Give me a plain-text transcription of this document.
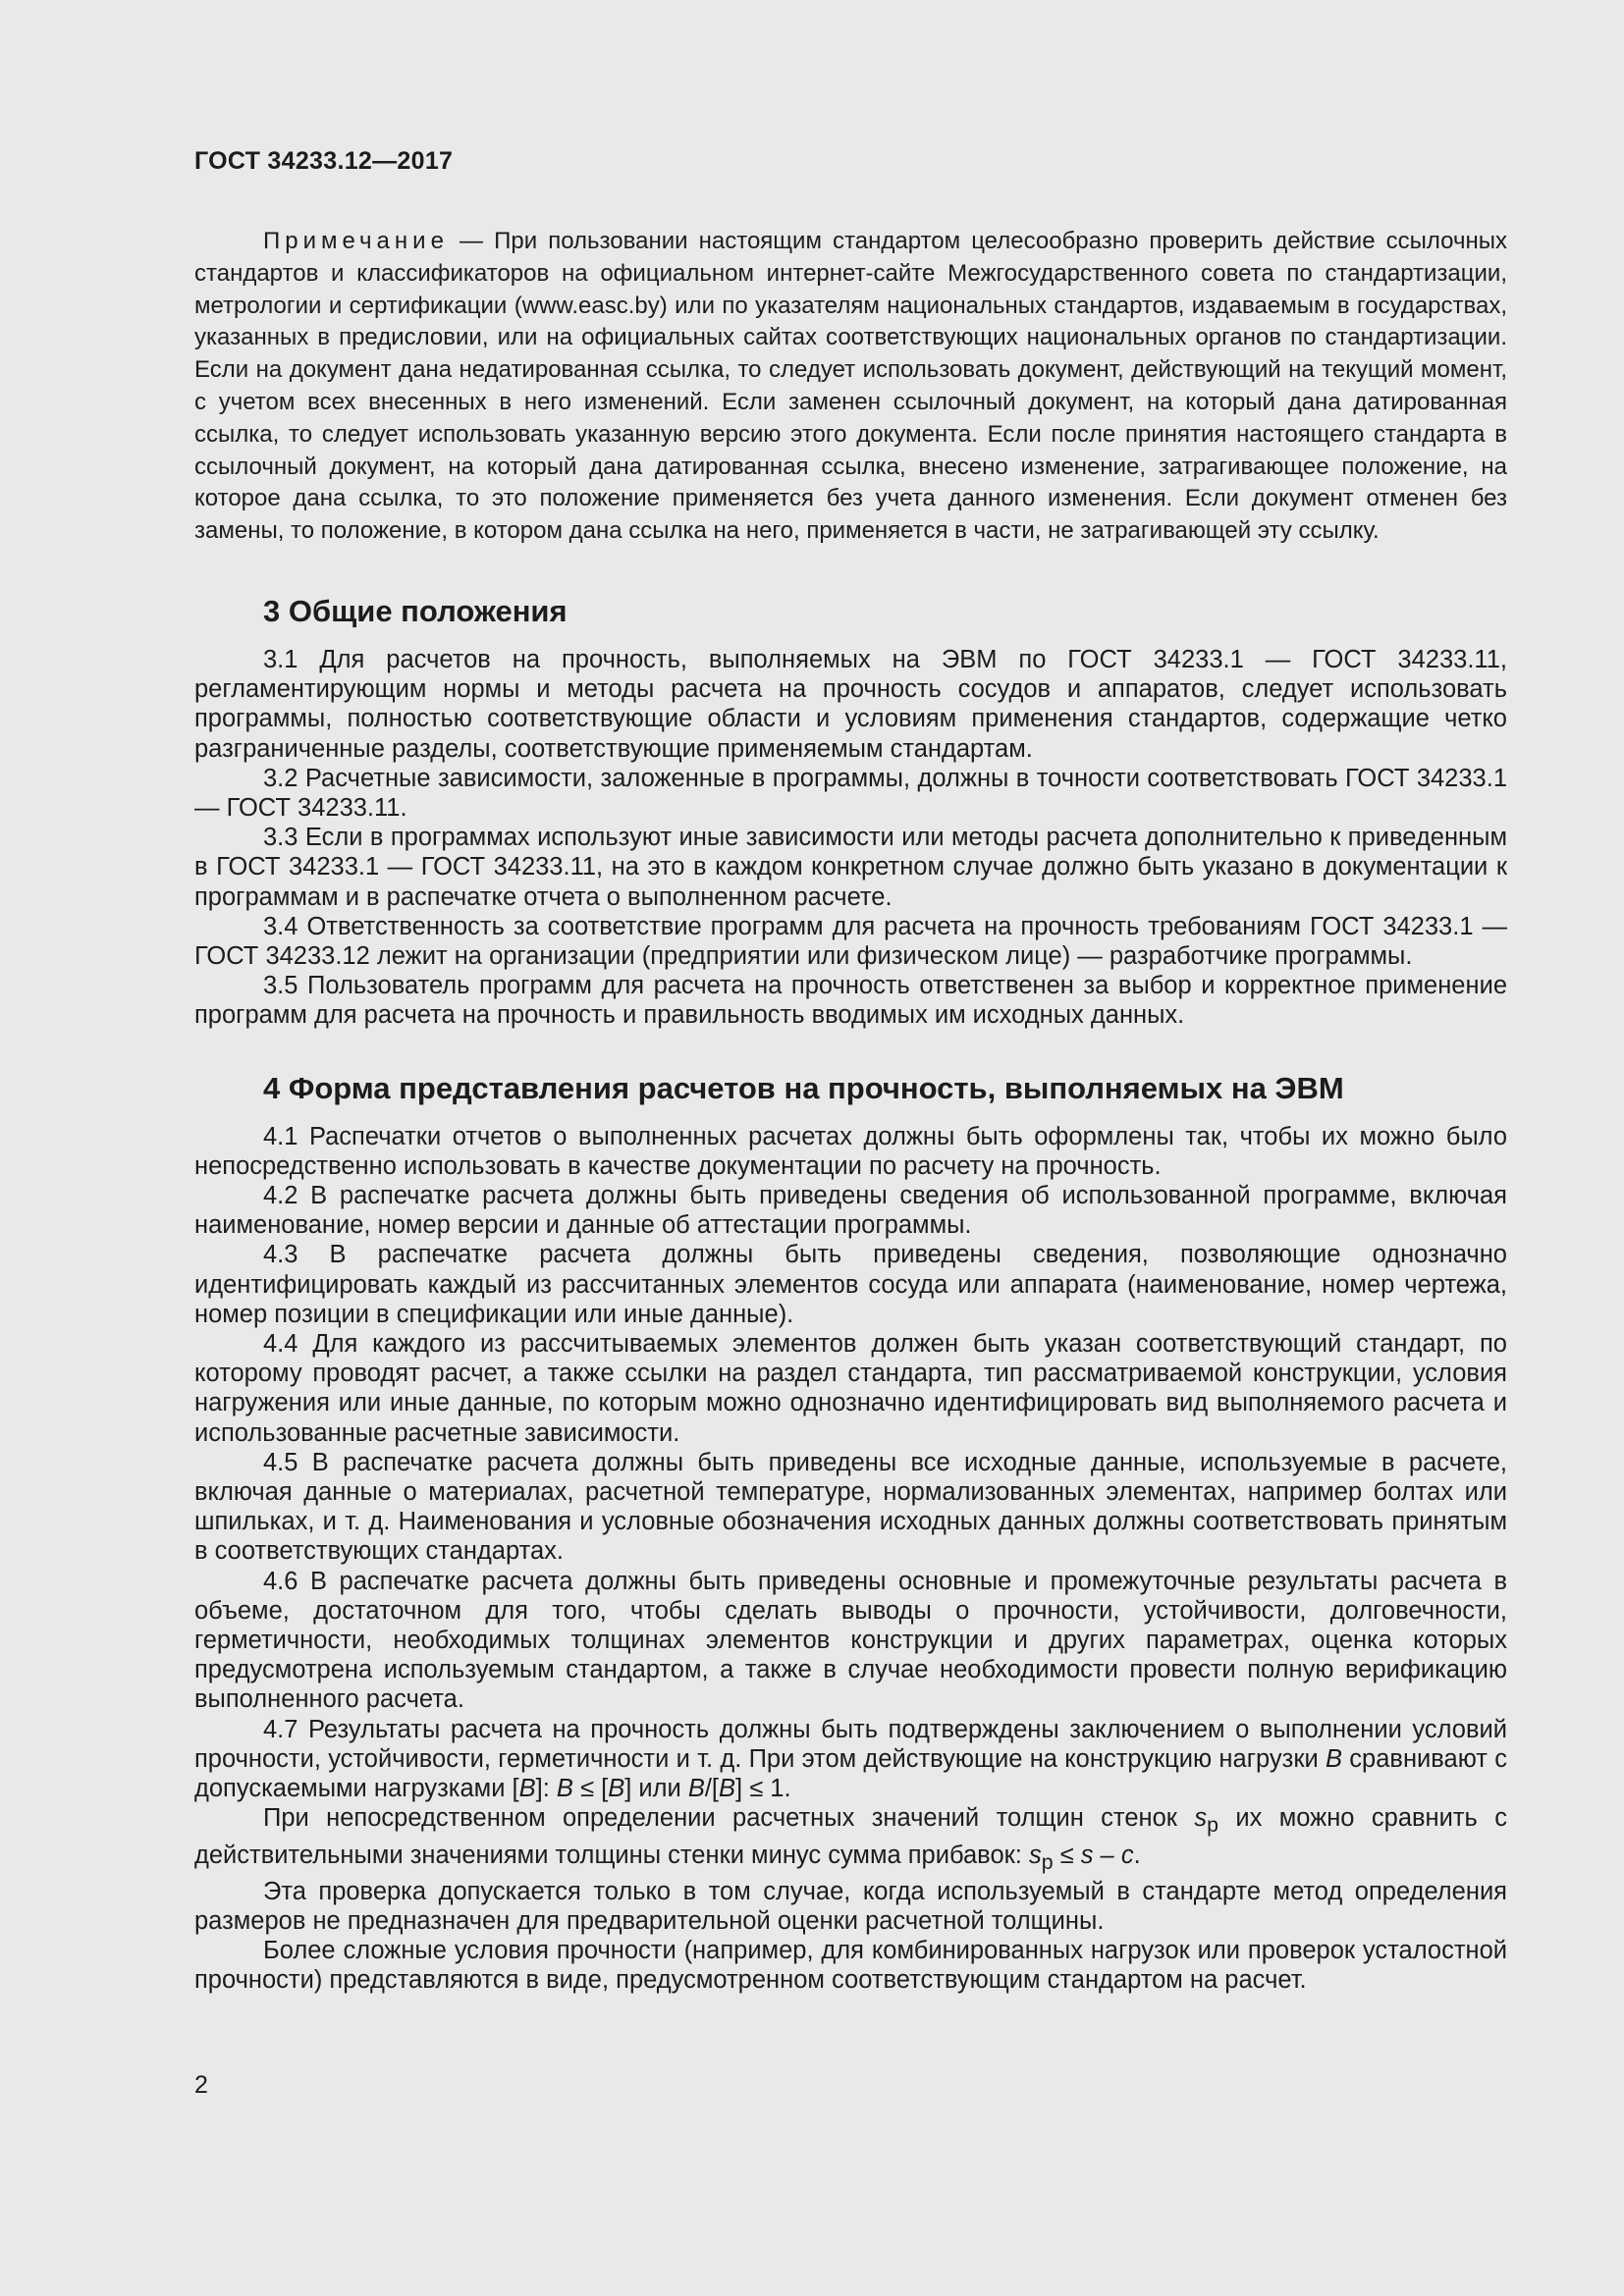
ГОСТ 34233.12—2017

Примечание — При пользовании настоящим стандартом целесообразно проверить действие ссылочных стандартов и классификаторов на официальном интернет-сайте Межгосударственного совета по стандартизации, метрологии и сертификации (www.easc.by) или по указателям национальных стандартов, издаваемым в государствах, указанных в предисловии, или на официальных сайтах соответствующих национальных органов по стандартизации. Если на документ дана недатированная ссылка, то следует использовать документ, действующий на текущий момент, с учетом всех внесенных в него изменений. Если заменен ссылочный документ, на который дана датированная ссылка, то следует использовать указанную версию этого документа. Если после принятия настоящего стандарта в ссылочный документ, на который дана датированная ссылка, внесено изменение, затрагивающее положение, на которое дана ссылка, то это положение применяется без учета данного изменения. Если документ отменен без замены, то положение, в котором дана ссылка на него, применяется в части, не затрагивающей эту ссылку.

3 Общие положения

3.1 Для расчетов на прочность, выполняемых на ЭВМ по ГОСТ 34233.1 — ГОСТ 34233.11, регламентирующим нормы и методы расчета на прочность сосудов и аппаратов, следует использовать программы, полностью соответствующие области и условиям применения стандартов, содержащие четко разграниченные разделы, соответствующие применяемым стандартам.

3.2 Расчетные зависимости, заложенные в программы, должны в точности соответствовать ГОСТ 34233.1 — ГОСТ 34233.11.

3.3 Если в программах используют иные зависимости или методы расчета дополнительно к приведенным в ГОСТ 34233.1 — ГОСТ 34233.11, на это в каждом конкретном случае должно быть указано в документации к программам и в распечатке отчета о выполненном расчете.

3.4 Ответственность за соответствие программ для расчета на прочность требованиям ГОСТ 34233.1 — ГОСТ 34233.12 лежит на организации (предприятии или физическом лице) — разработчике программы.

3.5 Пользователь программ для расчета на прочность ответственен за выбор и корректное применение программ для расчета на прочность и правильность вводимых им исходных данных.

4 Форма представления расчетов на прочность, выполняемых на ЭВМ

4.1 Распечатки отчетов о выполненных расчетах должны быть оформлены так, чтобы их можно было непосредственно использовать в качестве документации по расчету на прочность.

4.2 В распечатке расчета должны быть приведены сведения об использованной программе, включая наименование, номер версии и данные об аттестации программы.

4.3 В распечатке расчета должны быть приведены сведения, позволяющие однозначно идентифицировать каждый из рассчитанных элементов сосуда или аппарата (наименование, номер чертежа, номер позиции в спецификации или иные данные).

4.4 Для каждого из рассчитываемых элементов должен быть указан соответствующий стандарт, по которому проводят расчет, а также ссылки на раздел стандарта, тип рассматриваемой конструкции, условия нагружения или иные данные, по которым можно однозначно идентифицировать вид выполняемого расчета и использованные расчетные зависимости.

4.5 В распечатке расчета должны быть приведены все исходные данные, используемые в расчете, включая данные о материалах, расчетной температуре, нормализованных элементах, например болтах или шпильках, и т. д. Наименования и условные обозначения исходных данных должны соответствовать принятым в соответствующих стандартах.

4.6 В распечатке расчета должны быть приведены основные и промежуточные результаты расчета в объеме, достаточном для того, чтобы сделать выводы о прочности, устойчивости, долговечности, герметичности, необходимых толщинах элементов конструкции и других параметрах, оценка которых предусмотрена используемым стандартом, а также в случае необходимости провести полную верификацию выполненного расчета.

4.7 Результаты расчета на прочность должны быть подтверждены заключением о выполнении условий прочности, устойчивости, герметичности и т. д. При этом действующие на конструкцию нагрузки B сравнивают с допускаемыми нагрузками [B]: B ≤ [B] или B/[B] ≤ 1.

При непосредственном определении расчетных значений толщин стенок $s_p$ их можно сравнить с действительными значениями толщины стенки минус сумма прибавок: $s_p \le s - c$.

Эта проверка допускается только в том случае, когда используемый в стандарте метод определения размеров не предназначен для предварительной оценки расчетной толщины.

Более сложные условия прочности (например, для комбинированных нагрузок или проверок усталостной прочности) представляются в виде, предусмотренном соответствующим стандартом на расчет.

2
